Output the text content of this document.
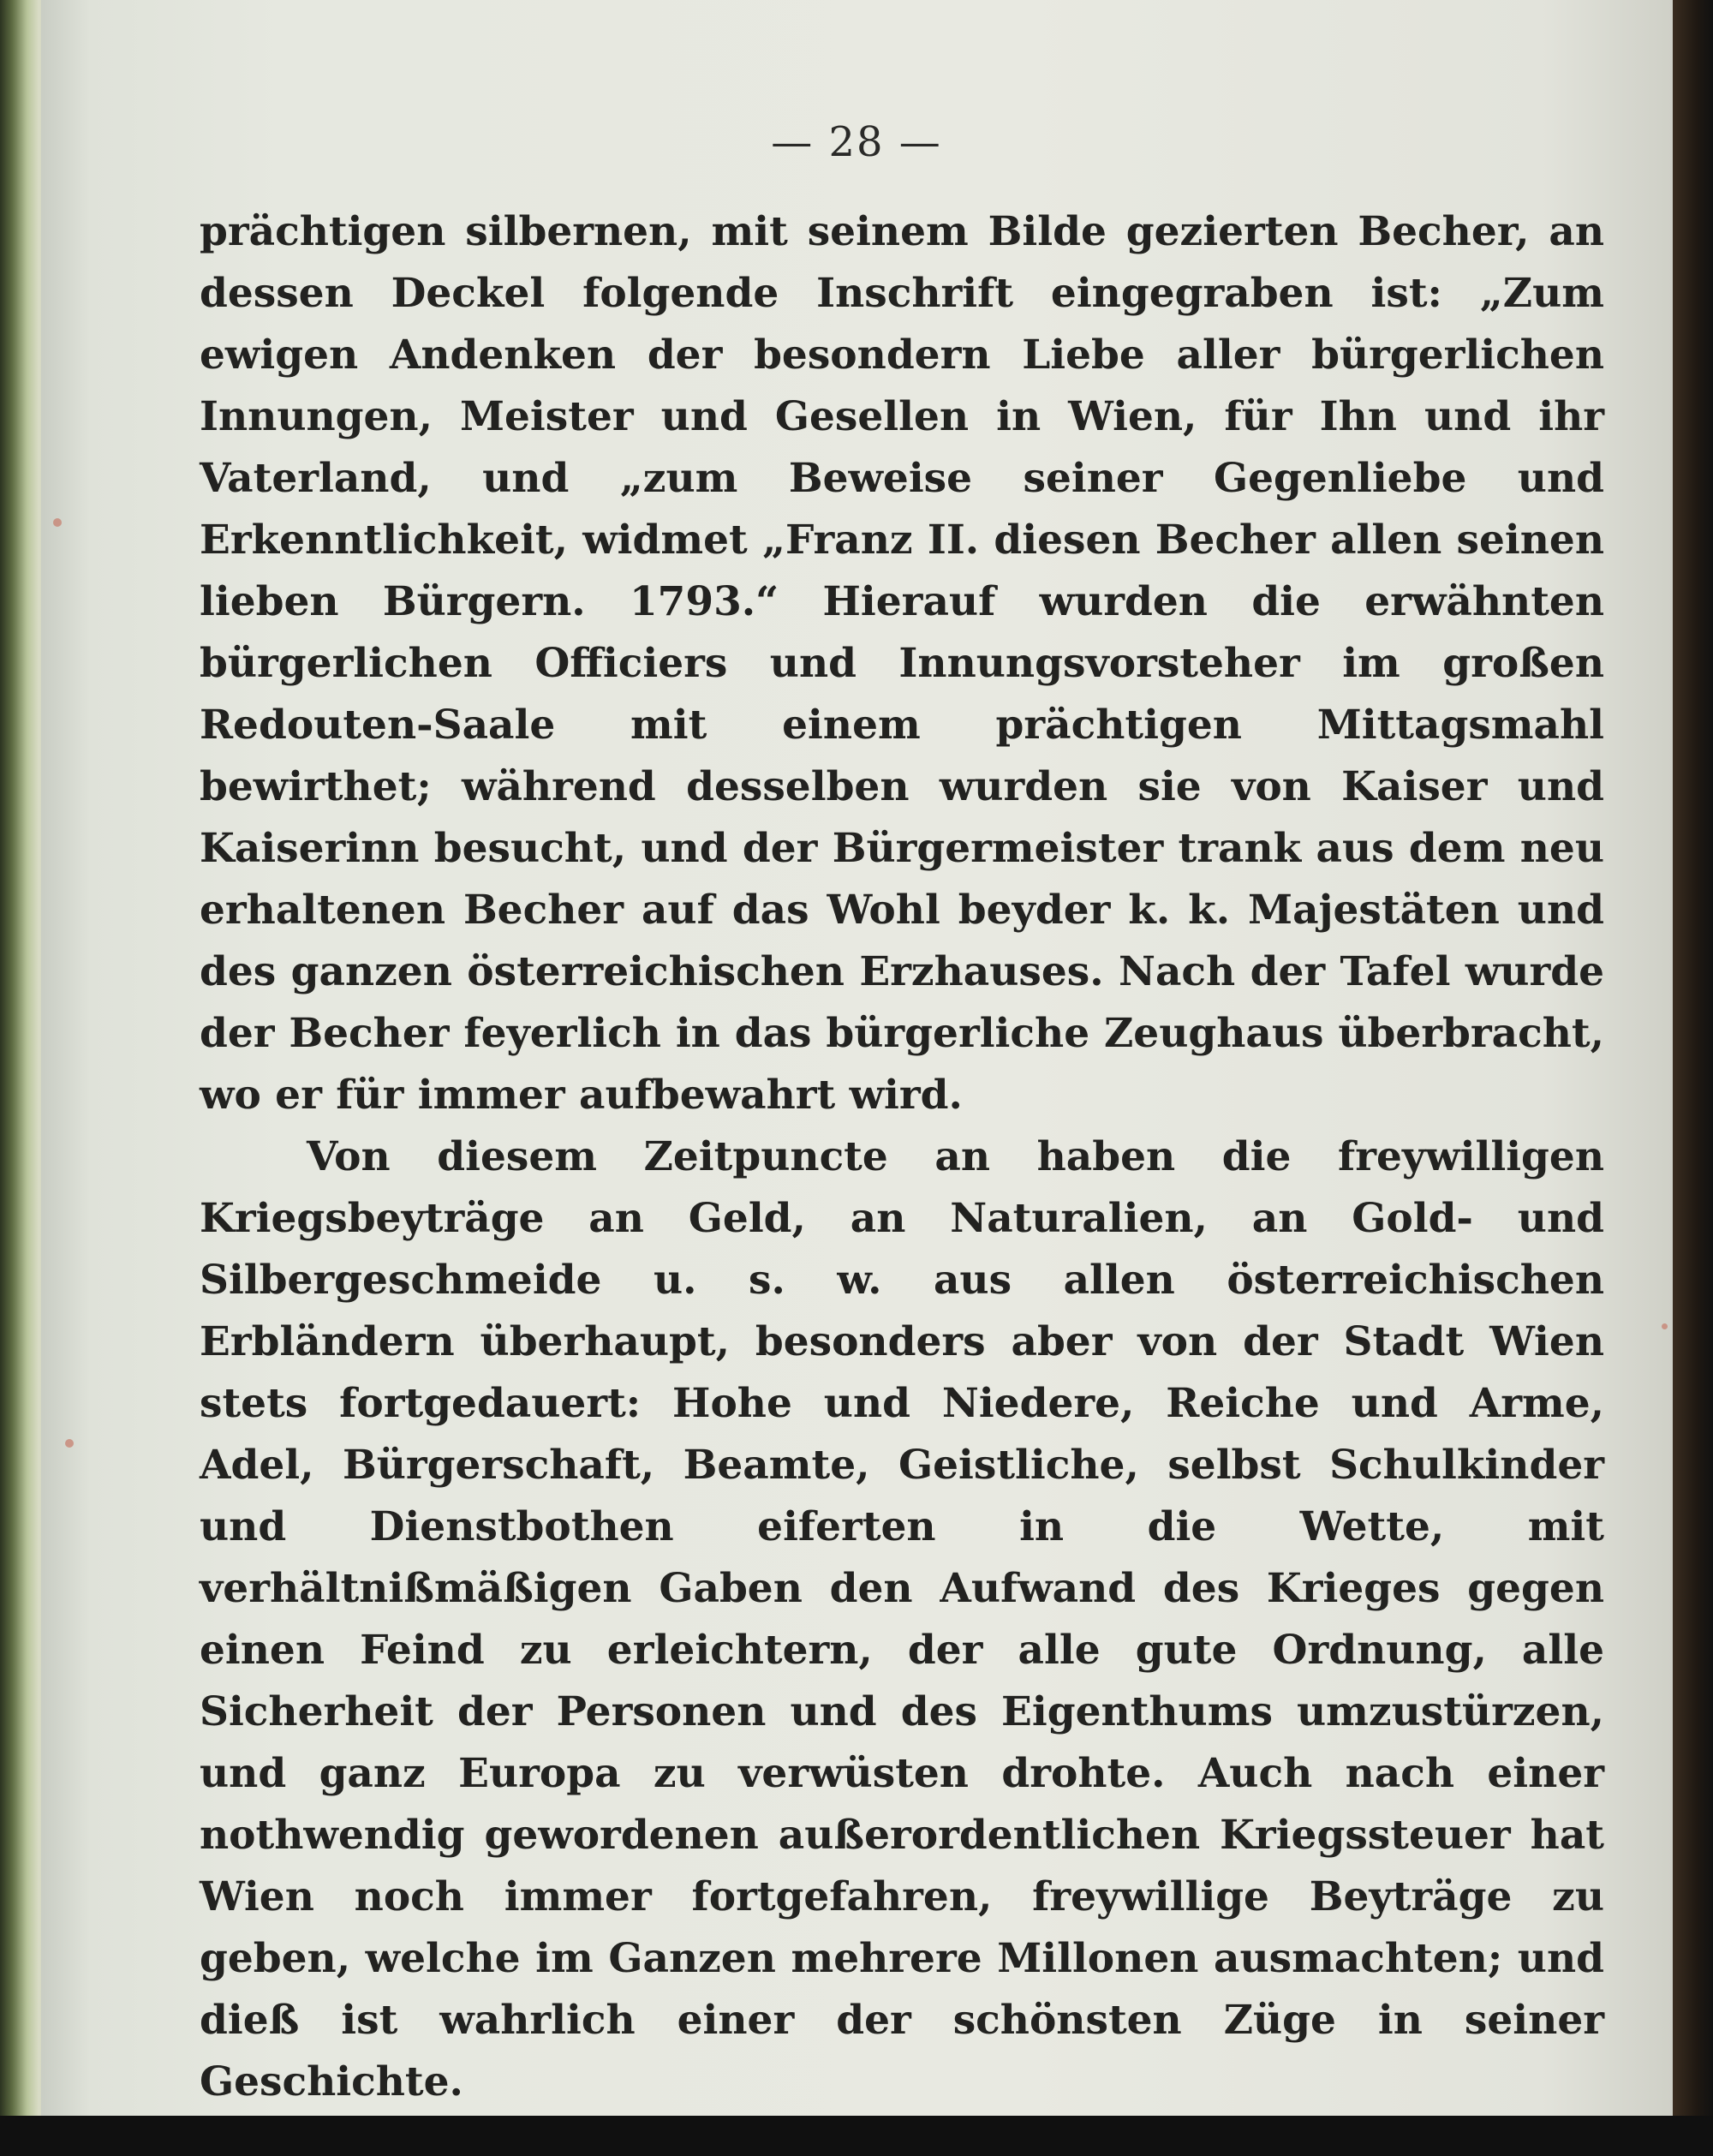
— 28 —

prächtigen silbernen, mit seinem Bilde gezierten Becher, an dessen Deckel folgende Inschrift eingegraben ist: „Zum ewigen Andenken der besondern Liebe aller bürgerlichen Innungen, Meister und Gesellen in Wien, für Ihn und ihr Vaterland, und „zum Beweise seiner Gegenliebe und Erkenntlichkeit, widmet „Franz II. diesen Becher allen seinen lieben Bürgern. 1793.“ Hierauf wurden die erwähnten bürgerlichen Officiers und Innungsvorsteher im großen Redouten-Saale mit einem prächtigen Mittagsmahl bewirthet; während desselben wurden sie von Kaiser und Kaiserinn besucht, und der Bürgermeister trank aus dem neu erhaltenen Becher auf das Wohl beyder k. k. Majestäten und des ganzen österreichischen Erzhauses. Nach der Tafel wurde der Becher feyerlich in das bürgerliche Zeughaus überbracht, wo er für immer aufbewahrt wird.

Von diesem Zeitpuncte an haben die freywilligen Kriegsbeyträge an Geld, an Naturalien, an Gold- und Silbergeschmeide u. s. w. aus allen österreichischen Erbländern überhaupt, besonders aber von der Stadt Wien stets fortgedauert: Hohe und Niedere, Reiche und Arme, Adel, Bürgerschaft, Beamte, Geistliche, selbst Schulkinder und Dienstbothen eiferten in die Wette, mit verhältnißmäßigen Gaben den Aufwand des Krieges gegen einen Feind zu erleichtern, der alle gute Ordnung, alle Sicherheit der Personen und des Eigenthums umzustürzen, und ganz Europa zu verwüsten drohte. Auch nach einer nothwendig gewordenen außerordentlichen Kriegssteuer hat Wien noch immer fortgefahren, freywillige Beyträge zu geben, welche im Ganzen mehrere Millonen ausmachten; und dieß ist wahrlich einer der schönsten Züge in seiner Geschichte.
